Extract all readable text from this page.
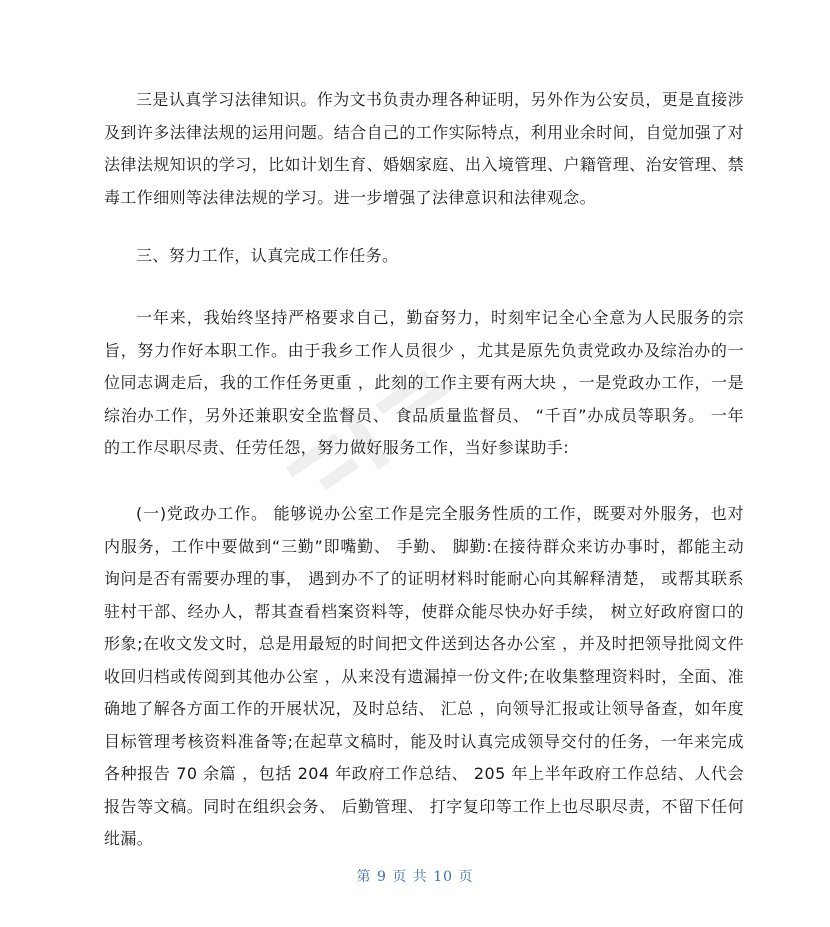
三是认真学习法律知识。作为文书负责办理各种证明，另外作为公安员，更是直接涉及到许多法律法规的运用问题。结合自己的工作实际特点，利用业余时间，自觉加强了对法律法规知识的学习，比如计划生育、婚姻家庭、出入境管理、户籍管理、治安管理、禁毒工作细则等法律法规的学习。进一步增强了法律意识和法律观念。

三、努力工作，认真完成工作任务。

一年来，我始终坚持严格要求自己，勤奋努力，时刻牢记全心全意为人民服务的宗旨，努力作好本职工作。由于我乡工作人员很少 ，尤其是原先负责党政办及综治办的一位同志调走后，我的工作任务更重 ，此刻的工作主要有两大块 ，一是党政办工作，一是综治办工作，另外还兼职安全监督员、 食品质量监督员、 “千百”办成员等职务。 一年的工作尽职尽责、任劳任怨，努力做好服务工作，当好参谋助手:

(一)党政办工作。 能够说办公室工作是完全服务性质的工作，既要对外服务，也对内服务，工作中要做到“三勤”即嘴勤、 手勤、 脚勤:在接待群众来访办事时，都能主动询问是否有需要办理的事， 遇到办不了的证明材料时能耐心向其解释清楚， 或帮其联系驻村干部、经办人，帮其查看档案资料等，使群众能尽快办好手续， 树立好政府窗口的形象;在收文发文时，总是用最短的时间把文件送到达各办公室 ，并及时把领导批阅文件收回归档或传阅到其他办公室 ，从来没有遗漏掉一份文件;在收集整理资料时，全面、准确地了解各方面工作的开展状况，及时总结、 汇总 ，向领导汇报或让领导备查，如年度目标管理考核资料准备等;在起草文稿时，能及时认真完成领导交付的任务，一年来完成各种报告 70 余篇 ，包括 204 年政府工作总结、 205 年上半年政府工作总结、人代会报告等文稿。同时在组织会务、 后勤管理、 打字复印等工作上也尽职尽责，不留下任何纰漏。

第 9 页 共 10 页
